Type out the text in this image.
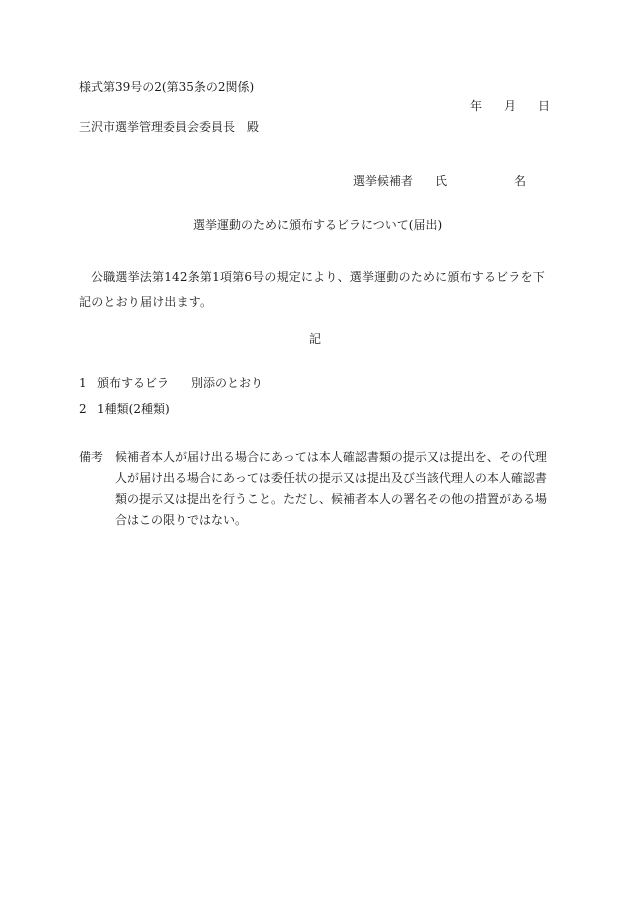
様式第39号の2(第35条の2関係)
年 月 日
三沢市選挙管理委員会委員長　殿
選挙候補者 氏	名
選挙運動のために頒布するビラについて(届出)
公職選挙法第142条第1項第6号の規定により、選挙運動のために頒布するビラを下記のとおり届け出ます。
記
1 頒布するビラ 別添のとおり
2 1種類(2種類)
備考 候補者本人が届け出る場合にあっては本人確認書類の提示又は提出を、その代理人が届け出る場合にあっては委任状の提示又は提出及び当該代理人の本人確認書類の提示又は提出を行うこと。ただし、候補者本人の署名その他の措置がある場合はこの限りではない。
